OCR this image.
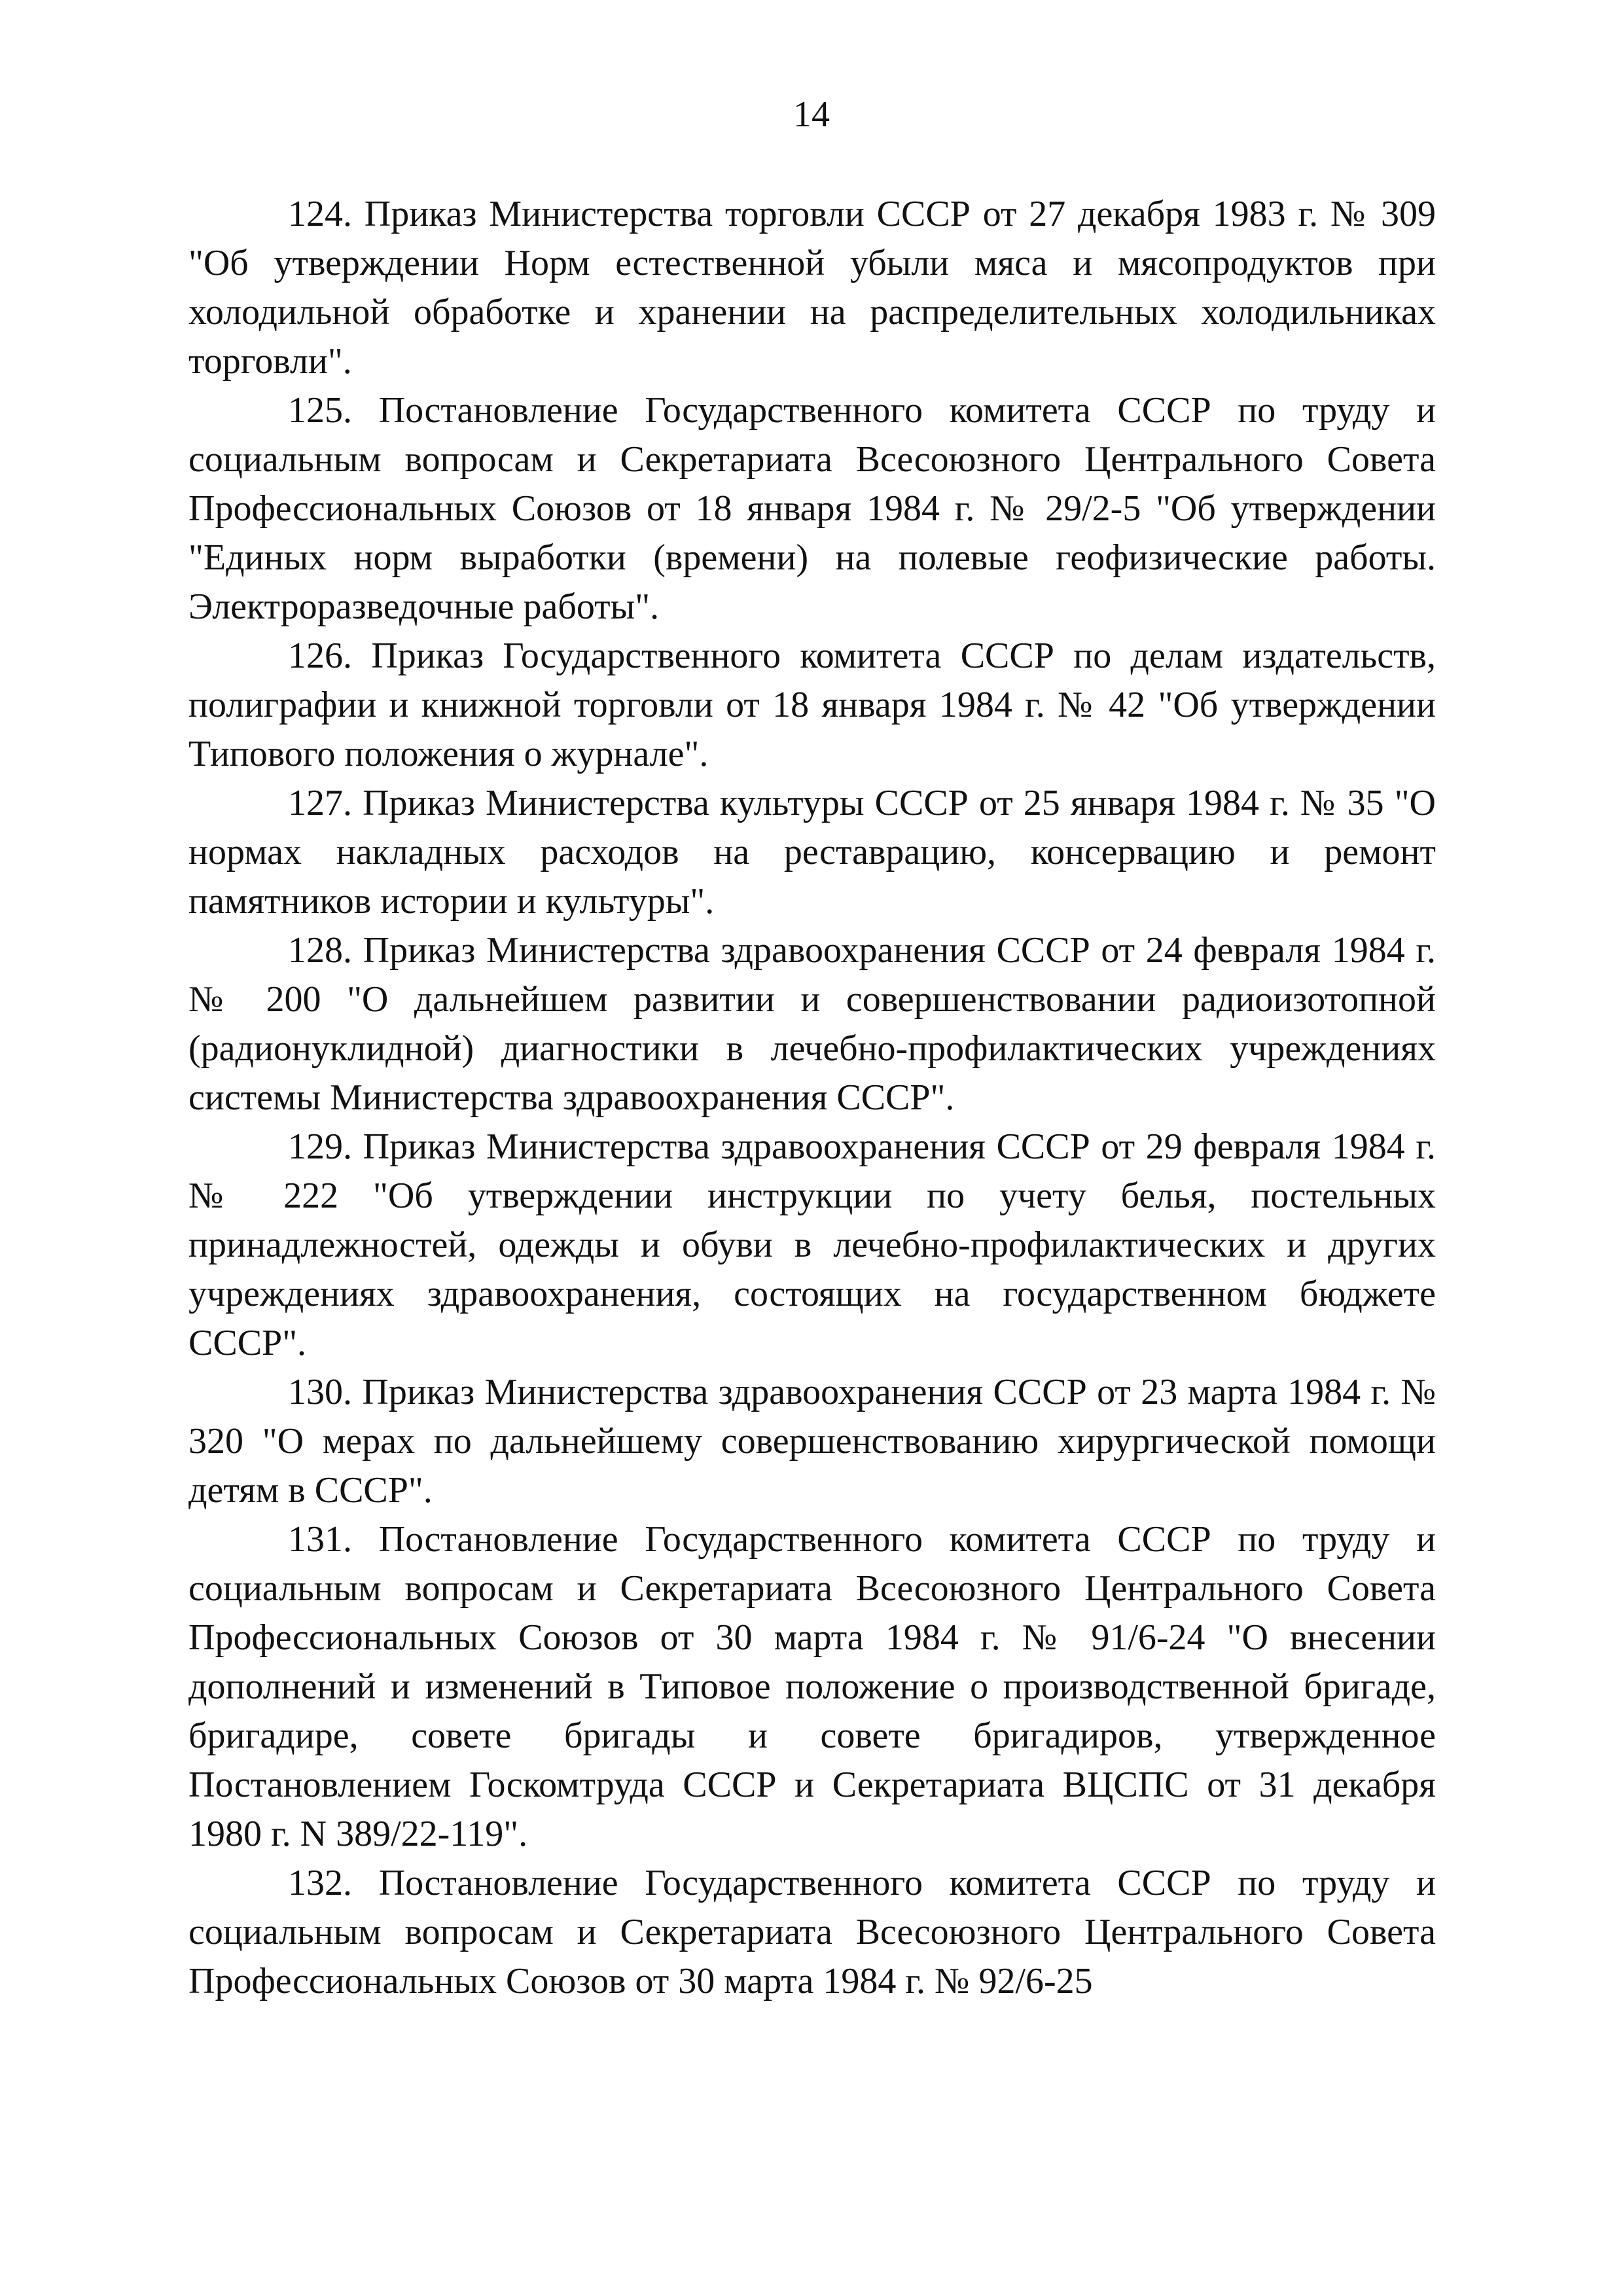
14

124. Приказ Министерства торговли СССР от 27 декабря 1983 г. № 309 "Об утверждении Норм естественной убыли мяса и мясопродуктов при холодильной обработке и хранении на распределительных холодильниках торговли".

125. Постановление Государственного комитета СССР по труду и социальным вопросам и Секретариата Всесоюзного Центрального Совета Профессиональных Союзов от 18 января 1984 г. № 29/2-5 "Об утверждении "Единых норм выработки (времени) на полевые геофизические работы. Электроразведочные работы".

126. Приказ Государственного комитета СССР по делам издательств, полиграфии и книжной торговли от 18 января 1984 г. № 42 "Об утверждении Типового положения о журнале".

127. Приказ Министерства культуры СССР от 25 января 1984 г. № 35 "О нормах накладных расходов на реставрацию, консервацию и ремонт памятников истории и культуры".

128. Приказ Министерства здравоохранения СССР от 24 февраля 1984 г. № 200 "О дальнейшем развитии и совершенствовании радиоизотопной (радионуклидной) диагностики в лечебно-профилактических учреждениях системы Министерства здравоохранения СССР".

129. Приказ Министерства здравоохранения СССР от 29 февраля 1984 г. № 222 "Об утверждении инструкции по учету белья, постельных принадлежностей, одежды и обуви в лечебно-профилактических и других учреждениях здравоохранения, состоящих на государственном бюджете СССР".

130. Приказ Министерства здравоохранения СССР от 23 марта 1984 г. № 320 "О мерах по дальнейшему совершенствованию хирургической помощи детям в СССР".

131. Постановление Государственного комитета СССР по труду и социальным вопросам и Секретариата Всесоюзного Центрального Совета Профессиональных Союзов от 30 марта 1984 г. № 91/6-24 "О внесении дополнений и изменений в Типовое положение о производственной бригаде, бригадире, совете бригады и совете бригадиров, утвержденное Постановлением Госкомтруда СССР и Секретариата ВЦСПС от 31 декабря 1980 г. N 389/22-119".

132. Постановление Государственного комитета СССР по труду и социальным вопросам и Секретариата Всесоюзного Центрального Совета Профессиональных Союзов от 30 марта 1984 г. № 92/6-25
